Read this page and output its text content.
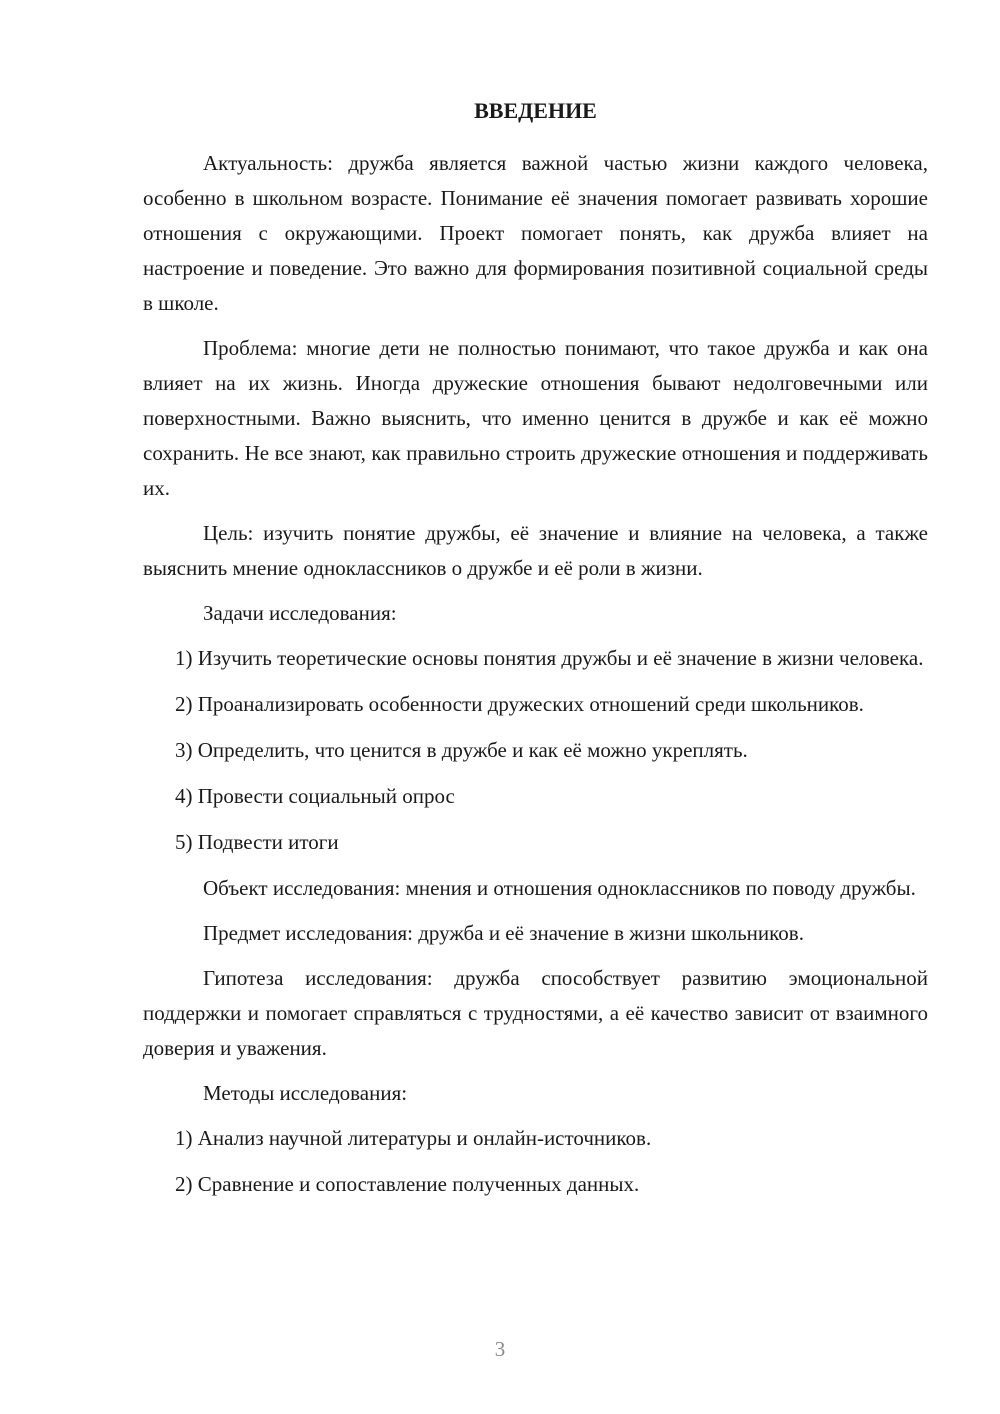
ВВЕДЕНИЕ

Актуальность: дружба является важной частью жизни каждого человека, особенно в школьном возрасте. Понимание её значения помогает развивать хорошие отношения с окружающими. Проект помогает понять, как дружба влияет на настроение и поведение. Это важно для формирования позитивной социальной среды в школе.

Проблема: многие дети не полностью понимают, что такое дружба и как она влияет на их жизнь. Иногда дружеские отношения бывают недолговечными или поверхностными. Важно выяснить, что именно ценится в дружбе и как её можно сохранить. Не все знают, как правильно строить дружеские отношения и поддерживать их.

Цель: изучить понятие дружбы, её значение и влияние на человека, а также выяснить мнение одноклассников о дружбе и её роли в жизни.

Задачи исследования:

1) Изучить теоретические основы понятия дружбы и её значение в жизни человека.

2) Проанализировать особенности дружеских отношений среди школьников.

3) Определить, что ценится в дружбе и как её можно укреплять.

4) Провести социальный опрос

5) Подвести итоги

Объект исследования: мнения и отношения одноклассников по поводу дружбы.

Предмет исследования: дружба и её значение в жизни школьников.

Гипотеза исследования: дружба способствует развитию эмоциональной поддержки и помогает справляться с трудностями, а её качество зависит от взаимного доверия и уважения.

Методы исследования:

1) Анализ научной литературы и онлайн-источников.

2) Сравнение и сопоставление полученных данных.

3
